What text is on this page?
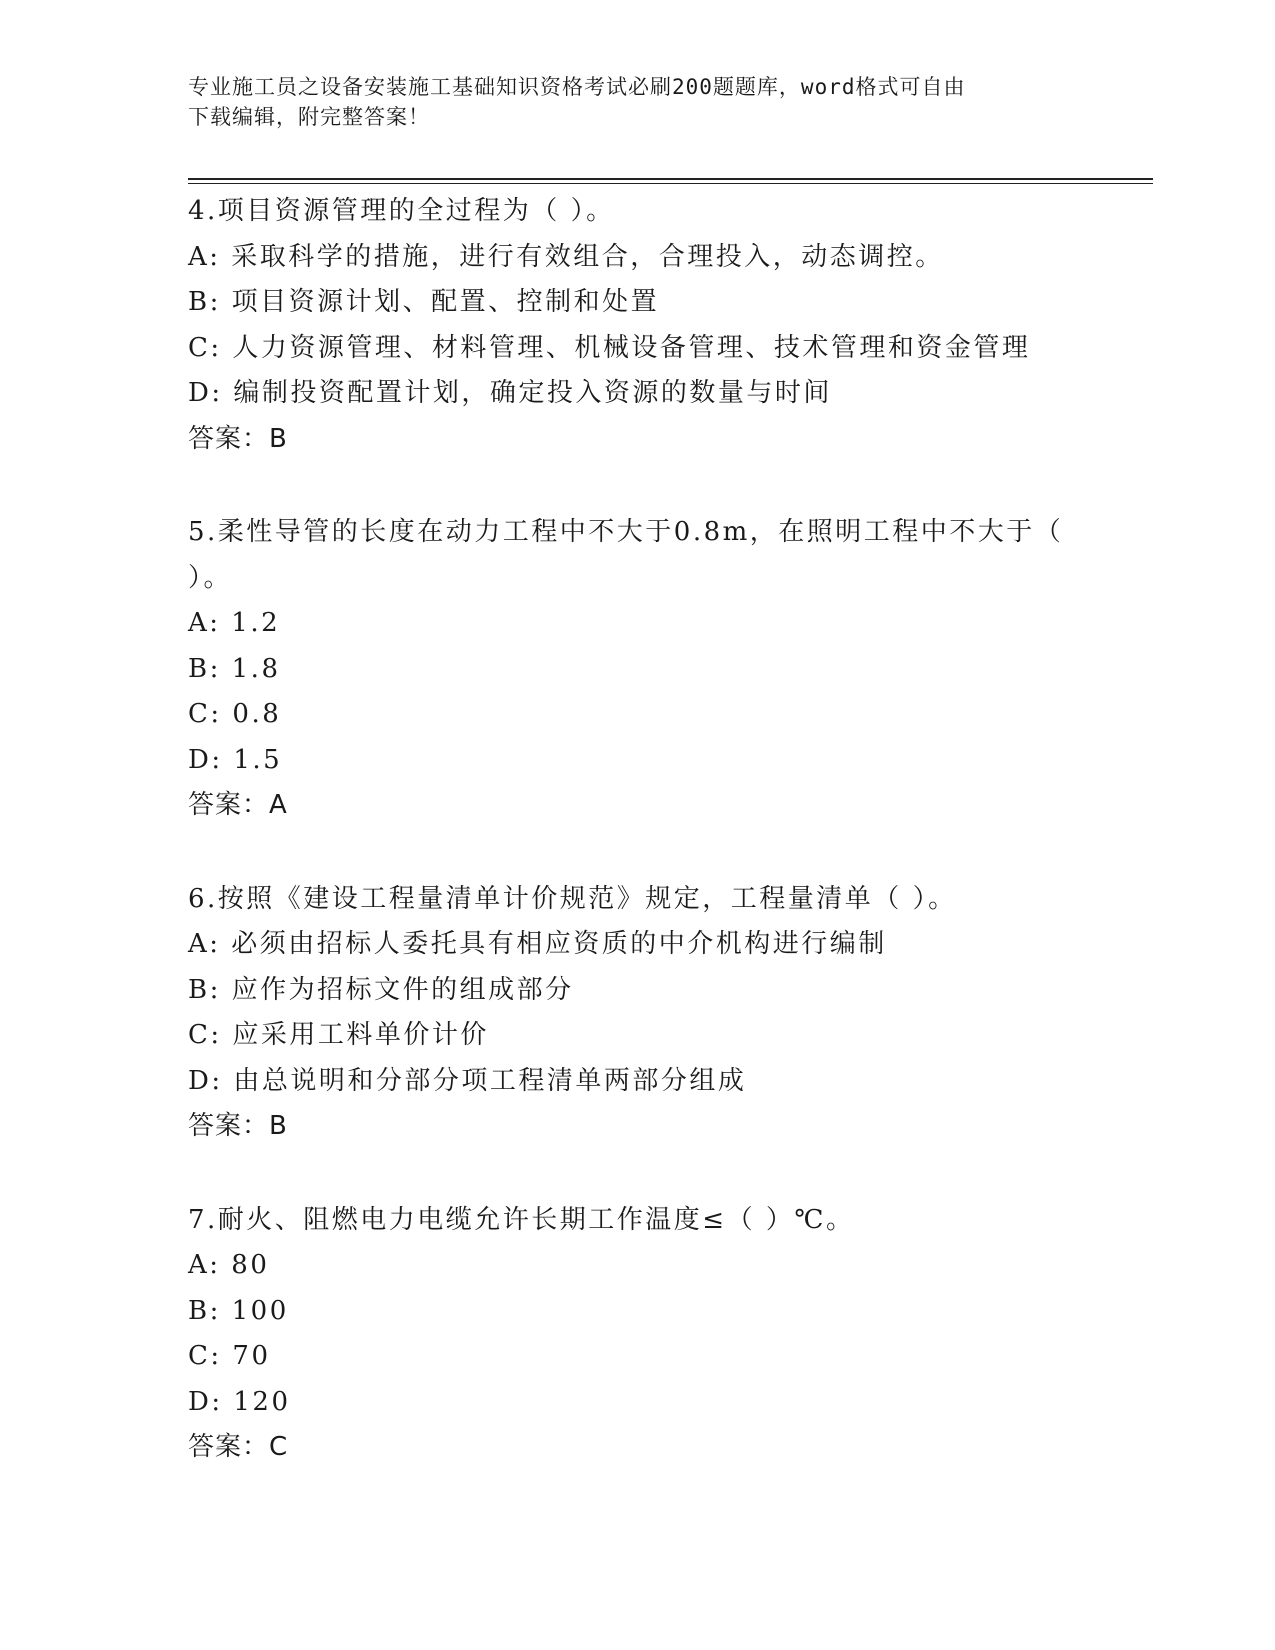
专业施工员之设备安装施工基础知识资格考试必刷200题题库，word格式可自由
下载编辑，附完整答案！

4.项目资源管理的全过程为（ ）。

A: 采取科学的措施，进行有效组合，合理投入，动态调控。

B: 项目资源计划、配置、控制和处置

C: 人力资源管理、材料管理、机械设备管理、技术管理和资金管理

D: 编制投资配置计划，确定投入资源的数量与时间

答案：B

5.柔性导管的长度在动力工程中不大于0.8m，在照明工程中不大于（

）。

A: 1.2

B: 1.8

C: 0.8

D: 1.5

答案：A

6.按照《建设工程量清单计价规范》规定，工程量清单（ ）。

A: 必须由招标人委托具有相应资质的中介机构进行编制

B: 应作为招标文件的组成部分

C: 应采用工料单价计价

D: 由总说明和分部分项工程清单两部分组成

答案：B

7.耐火、阻燃电力电缆允许长期工作温度≤（ ）℃。

A: 80

B: 100

C: 70

D: 120

答案：C
